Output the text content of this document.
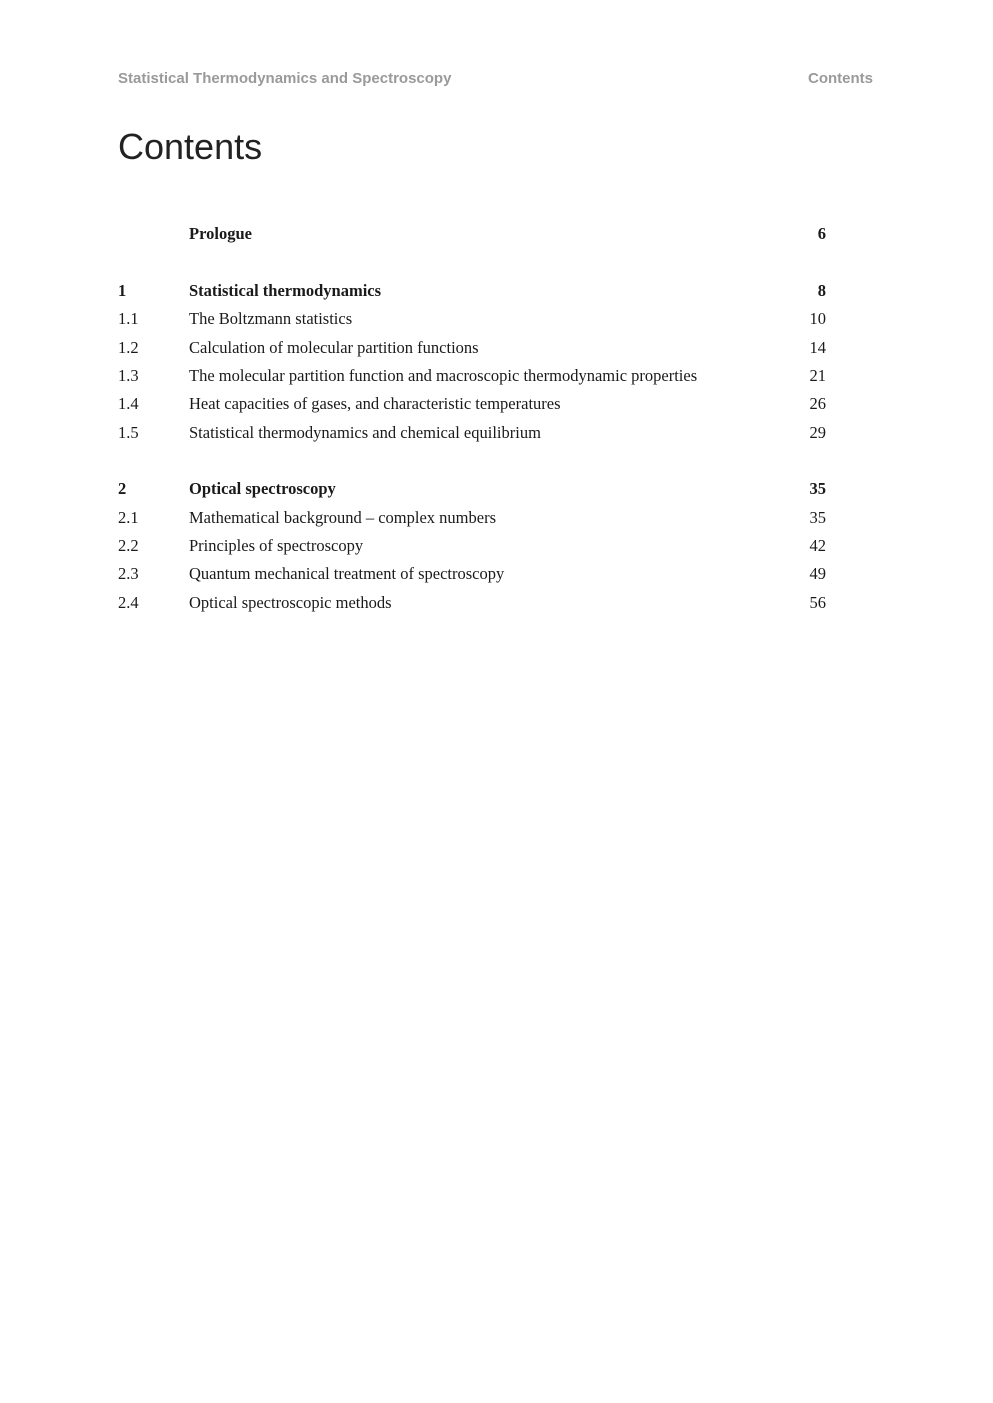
Statistical Thermodynamics and Spectroscopy	Contents
Contents
Prologue	6
1	Statistical thermodynamics	8
1.1	The Boltzmann statistics	10
1.2	Calculation of molecular partition functions	14
1.3	The molecular partition function and macroscopic thermodynamic properties	21
1.4	Heat capacities of gases, and characteristic temperatures	26
1.5	Statistical thermodynamics and chemical equilibrium	29
2	Optical spectroscopy	35
2.1	Mathematical background – complex numbers	35
2.2	Principles of spectroscopy	42
2.3	Quantum mechanical treatment of spectroscopy	49
2.4	Optical spectroscopic methods	56
